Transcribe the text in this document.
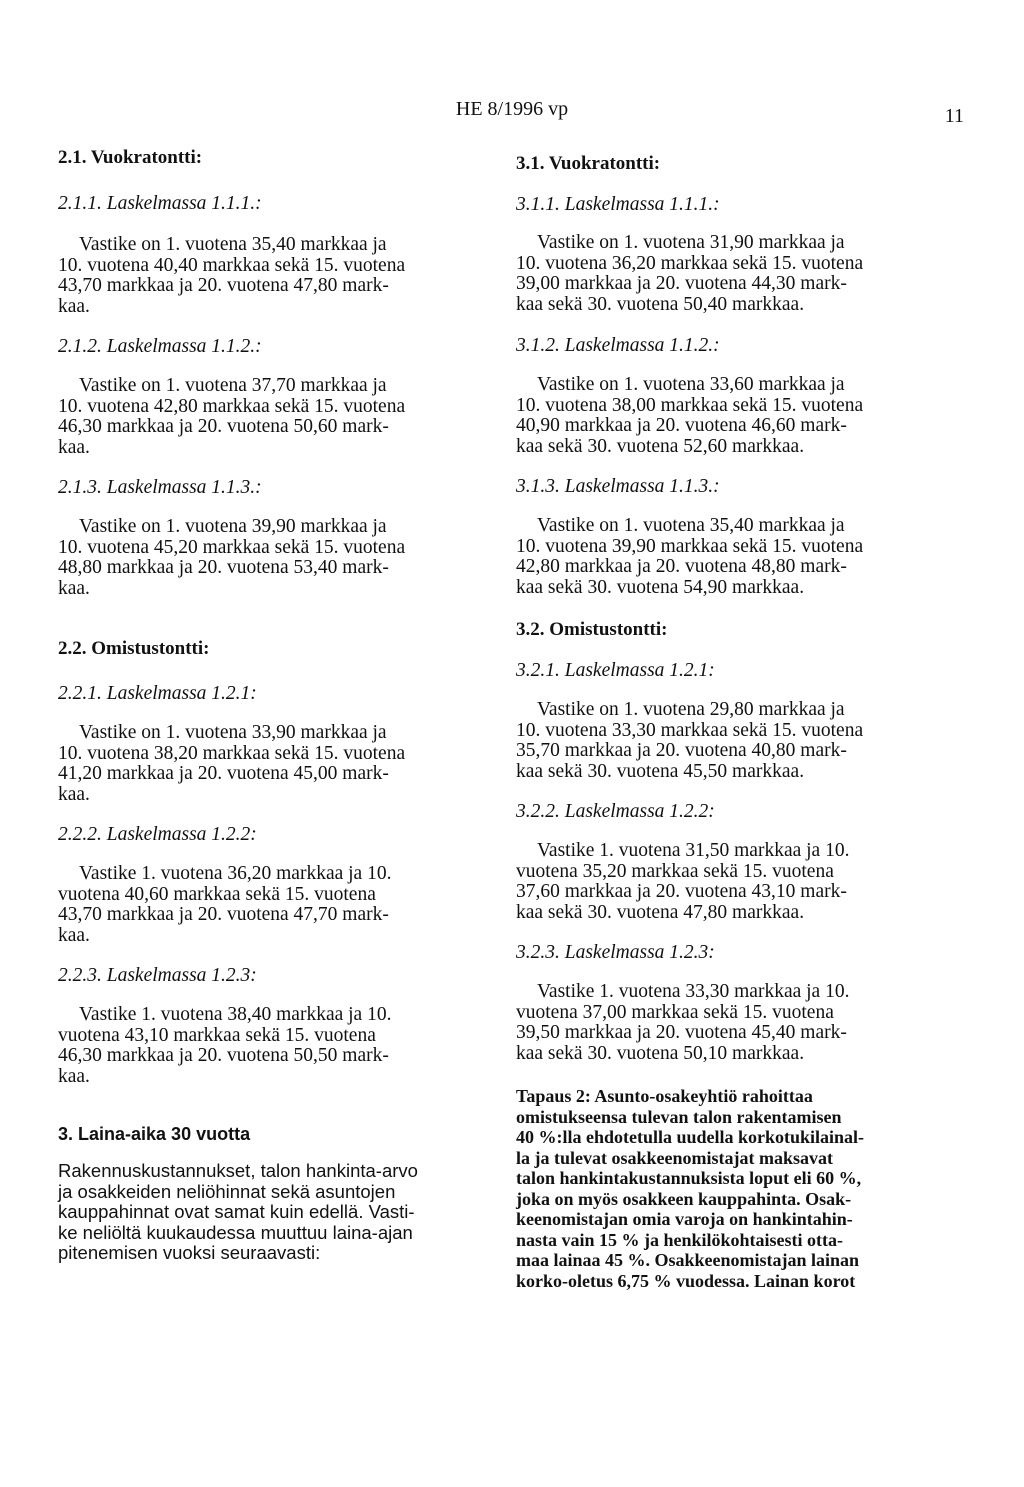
HE 8/1996 vp	11

2.1. Vuokratontti:

2.1.1. Laskelmassa 1.1.1.:

Vastike on 1. vuotena 35,40 markkaa ja
10. vuotena 40,40 markkaa sekä 15. vuotena
43,70 markkaa ja 20. vuotena 47,80 mark-
kaa.

2.1.2. Laskelmassa 1.1.2.:

Vastike on 1. vuotena 37,70 markkaa ja
10. vuotena 42,80 markkaa sekä 15. vuotena
46,30 markkaa ja 20. vuotena 50,60 mark-
kaa.

2.1.3. Laskelmassa 1.1.3.:

Vastike on 1. vuotena 39,90 markkaa ja
10. vuotena 45,20 markkaa sekä 15. vuotena
48,80 markkaa ja 20. vuotena 53,40 mark-
kaa.

2.2. Omistustontti:

2.2.1. Laskelmassa 1.2.1:

Vastike on 1. vuotena 33,90 markkaa ja
10. vuotena 38,20 markkaa sekä 15. vuotena
41,20 markkaa ja 20. vuotena 45,00 mark-
kaa.

2.2.2. Laskelmassa 1.2.2:

Vastike 1. vuotena 36,20 markkaa ja 10.
vuotena 40,60 markkaa sekä 15. vuotena
43,70 markkaa ja 20. vuotena 47,70 mark-
kaa.

2.2.3. Laskelmassa 1.2.3:

Vastike 1. vuotena 38,40 markkaa ja 10.
vuotena 43,10 markkaa sekä 15. vuotena
46,30 markkaa ja 20. vuotena 50,50 mark-
kaa.

3. Laina-aika 30 vuotta

Rakennuskustannukset, talon hankinta-arvo
ja osakkeiden neliöhinnat sekä asuntojen
kauppahinnat ovat samat kuin edellä. Vasti-
ke neliöltä kuukaudessa muuttuu laina-ajan
pitenemisen vuoksi seuraavasti:

3.1. Vuokratontti:

3.1.1. Laskelmassa 1.1.1.:

Vastike on 1. vuotena 31,90 markkaa ja
10. vuotena 36,20 markkaa sekä 15. vuotena
39,00 markkaa ja 20. vuotena 44,30 mark-
kaa sekä 30. vuotena 50,40 markkaa.

3.1.2. Laskelmassa 1.1.2.:

Vastike on 1. vuotena 33,60 markkaa ja
10. vuotena 38,00 markkaa sekä 15. vuotena
40,90 markkaa ja 20. vuotena 46,60 mark-
kaa sekä 30. vuotena 52,60 markkaa.

3.1.3. Laskelmassa 1.1.3.:

Vastike on 1. vuotena 35,40 markkaa ja
10. vuotena 39,90 markkaa sekä 15. vuotena
42,80 markkaa ja 20. vuotena 48,80 mark-
kaa sekä 30. vuotena 54,90 markkaa.

3.2. Omistustontti:

3.2.1. Laskelmassa 1.2.1:

Vastike on 1. vuotena 29,80 markkaa ja
10. vuotena 33,30 markkaa sekä 15. vuotena
35,70 markkaa ja 20. vuotena 40,80 mark-
kaa sekä 30. vuotena 45,50 markkaa.

3.2.2. Laskelmassa 1.2.2:

Vastike 1. vuotena 31,50 markkaa ja 10.
vuotena 35,20 markkaa sekä 15. vuotena
37,60 markkaa ja 20. vuotena 43,10 mark-
kaa sekä 30. vuotena 47,80 markkaa.

3.2.3. Laskelmassa 1.2.3:

Vastike 1. vuotena 33,30 markkaa ja 10.
vuotena 37,00 markkaa sekä 15. vuotena
39,50 markkaa ja 20. vuotena 45,40 mark-
kaa sekä 30. vuotena 50,10 markkaa.

Tapaus 2: Asunto-osakeyhtiö rahoittaa
omistukseensa tulevan talon rakentamisen
40 %:lla ehdotetulla uudella korkotukilainal-
la ja tulevat osakkeenomistajat maksavat
talon hankintakustannuksista loput eli 60 %,
joka on myös osakkeen kauppahinta. Osak-
keenomistajan omia varoja on hankintahin-
nasta vain 15 % ja henkilökohtaisesti otta-
maa lainaa 45 %. Osakkeenomistajan lainan
korko-oletus 6,75 % vuodessa. Lainan korot
